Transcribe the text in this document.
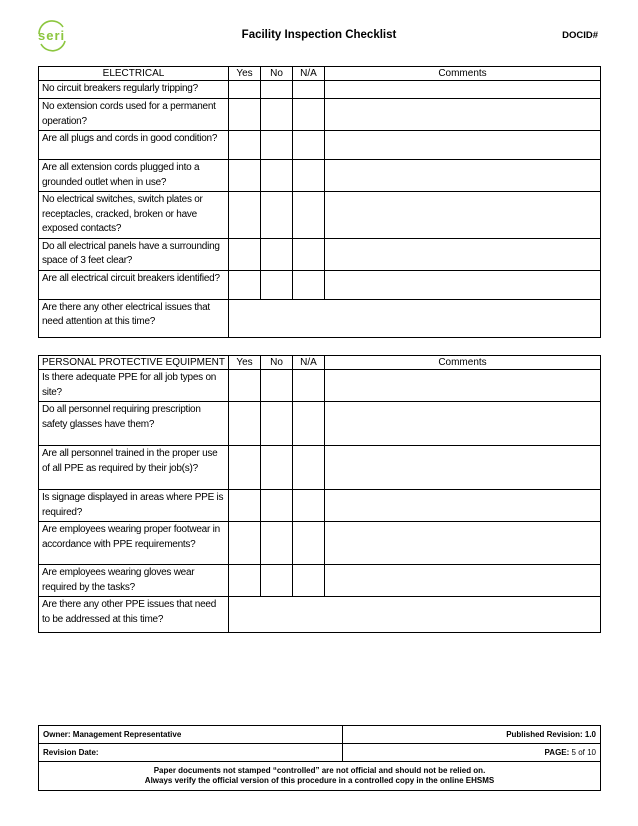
seri	Facility Inspection Checklist	DOCID#
ELECTRICAL	Yes	No	N/A	Comments
No circuit breakers regularly tripping?				
No extension cords used for a permanent operation?				
Are all plugs and cords in good condition?				
Are all extension cords plugged into a grounded outlet when in use?				
No electrical switches, switch plates or receptacles, cracked, broken or have exposed contacts?				
Do all electrical panels have a surrounding space of 3 feet clear?				
Are all electrical circuit breakers identified?				
Are there any other electrical issues that need attention at this time?				
PERSONAL PROTECTIVE EQUIPMENT	Yes	No	N/A	Comments
Is there adequate PPE for all job types on site?				
Do all personnel requiring prescription safety glasses have them?				
Are all personnel trained in the proper use of all PPE as required by their job(s)?				
Is signage displayed in areas where PPE is required?				
Are employees wearing proper footwear in accordance with PPE requirements?				
Are employees wearing gloves wear required by the tasks?				
Are there any other PPE issues that need to be addressed at this time?				
Owner: Management Representative	Published Revision: 1.0
Revision Date:	PAGE: 5 of 10

Paper documents not stamped “controlled” are not official and should not be relied on.
Always verify the official version of this procedure in a controlled copy in the online EHSMS	
